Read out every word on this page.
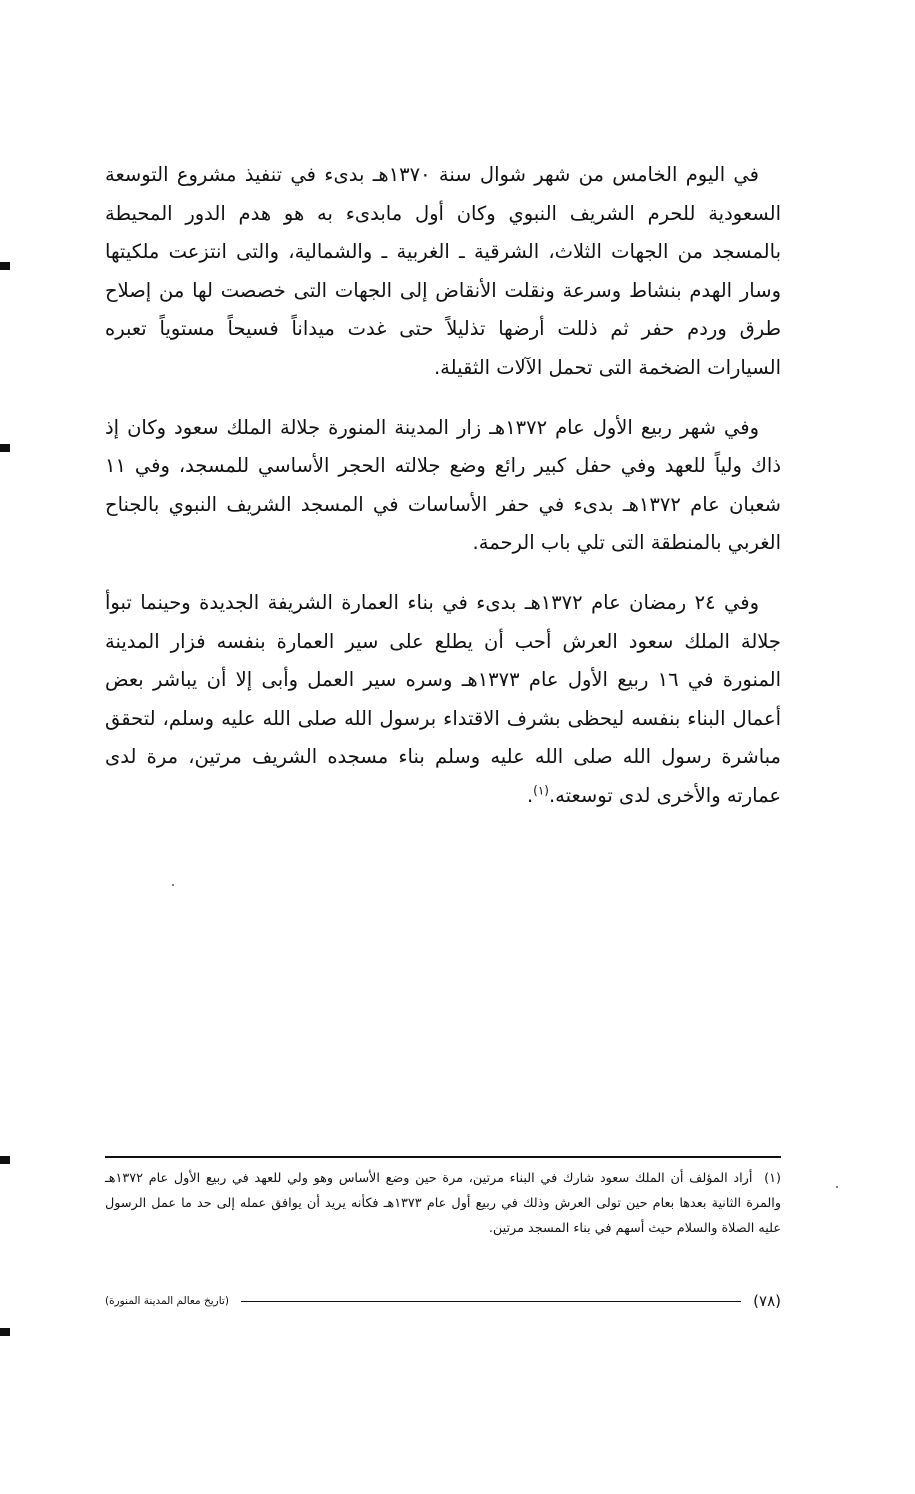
في اليوم الخامس من شهر شوال سنة ١٣٧٠هـ بدىء في تنفيذ مشروع التوسعة السعودية للحرم الشريف النبوي وكان أول مابدىء به هو هدم الدور المحيطة بالمسجد من الجهات الثلاث، الشرقية ـ الغربية ـ والشمالية، والتى انتزعت ملكيتها وسار الهدم بنشاط وسرعة ونقلت الأنقاض إلى الجهات التى خصصت لها من إصلاح طرق وردم حفر ثم ذللت أرضها تذليلاً حتى غدت ميداناً فسيحاً مستوياً تعبره السيارات الضخمة التى تحمل الآلات الثقيلة.

وفي شهر ربيع الأول عام ١٣٧٢هـ زار المدينة المنورة جلالة الملك سعود وكان إذ ذاك ولياً للعهد وفي حفل كبير رائع وضع جلالته الحجر الأساسي للمسجد، وفي ١١ شعبان عام ١٣٧٢هـ بدىء في حفر الأساسات في المسجد الشريف النبوي بالجناح الغربي بالمنطقة التى تلي باب الرحمة.

وفي ٢٤ رمضان عام ١٣٧٢هـ بدىء في بناء العمارة الشريفة الجديدة وحينما تبوأ جلالة الملك سعود العرش أحب أن يطلع على سير العمارة بنفسه فزار المدينة المنورة في ١٦ ربيع الأول عام ١٣٧٣هـ وسره سير العمل وأبى إلا أن يباشر بعض أعمال البناء بنفسه ليحظى بشرف الاقتداء برسول الله صلى الله عليه وسلم، لتحقق مباشرة رسول الله صلى الله عليه وسلم بناء مسجده الشريف مرتين، مرة لدى عمارته والأخرى لدى توسعته.$^{(١)}$.

(١) أراد المؤلف أن الملك سعود شارك في البناء مرتين، مرة حين وضع الأساس وهو ولي للعهد في ربيع الأول عام ١٣٧٢هـ والمرة الثانية بعدها بعام حين تولى العرش وذلك في ربيع أول عام ١٣٧٣هـ فكأنه يريد أن يوافق عمله إلى حد ما عمل الرسول عليه الصلاة والسلام حيث أسهم في بناء المسجد مرتين.
(٧٨)
(تاريخ معالم المدينة المنورة)
